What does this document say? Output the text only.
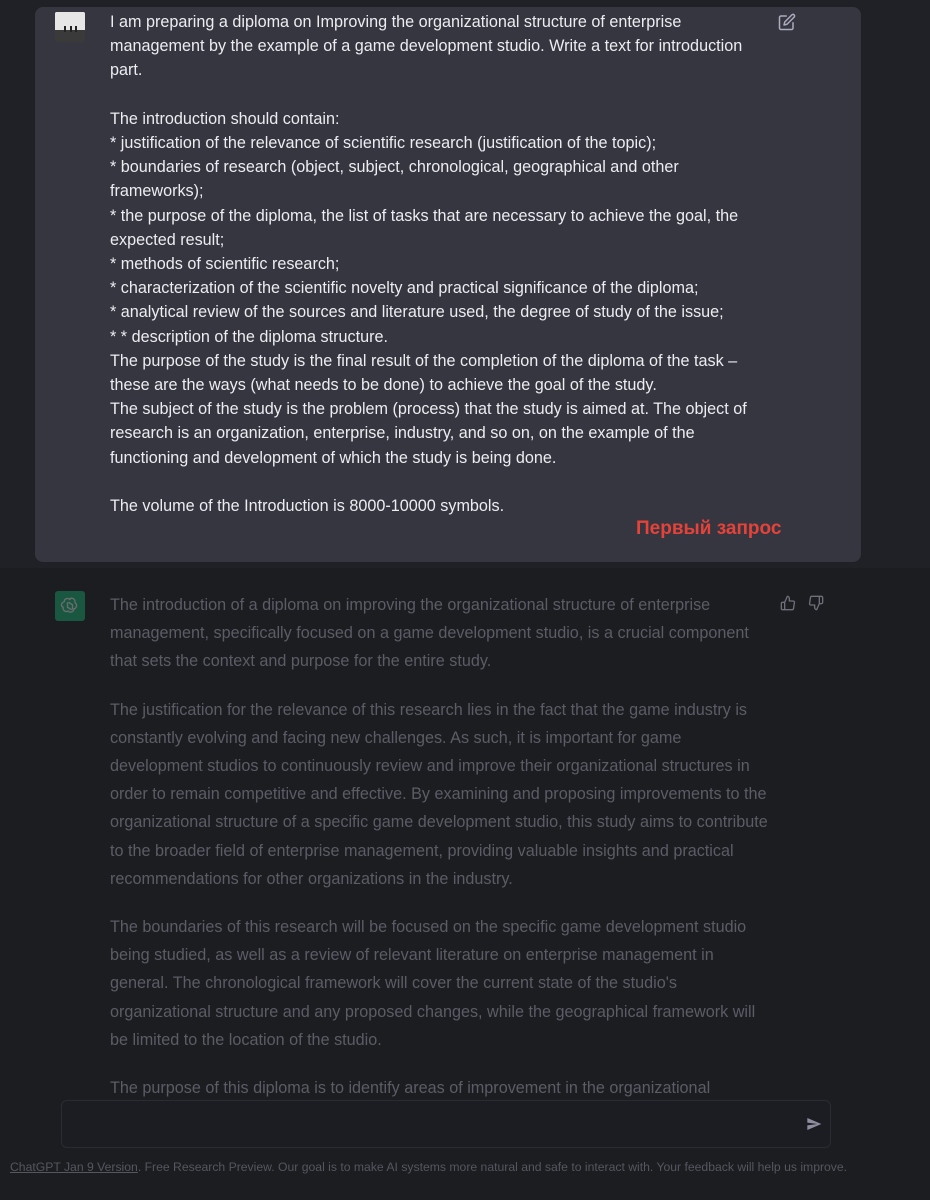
I am preparing a diploma on Improving the organizational structure of enterprise management by the example of a game development studio. Write a text for introduction part.

The introduction should contain:
* justification of the relevance of scientific research (justification of the topic);
* boundaries of research (object, subject, chronological, geographical and other frameworks);
* the purpose of the diploma, the list of tasks that are necessary to achieve the goal, the expected result;
* methods of scientific research;
* characterization of the scientific novelty and practical significance of the diploma;
* analytical review of the sources and literature used, the degree of study of the issue;
* * description of the diploma structure.
The purpose of the study is the final result of the completion of the diploma of the task – these are the ways (what needs to be done) to achieve the goal of the study.
The subject of the study is the problem (process) that the study is aimed at. The object of research is an organization, enterprise, industry, and so on, on the example of the functioning and development of which the study is being done.

The volume of the Introduction is 8000-10000 symbols.
Первый запрос

The introduction of a diploma on improving the organizational structure of enterprise management, specifically focused on a game development studio, is a crucial component that sets the context and purpose for the entire study.

The justification for the relevance of this research lies in the fact that the game industry is constantly evolving and facing new challenges. As such, it is important for game development studios to continuously review and improve their organizational structures in order to remain competitive and effective. By examining and proposing improvements to the organizational structure of a specific game development studio, this study aims to contribute to the broader field of enterprise management, providing valuable insights and practical recommendations for other organizations in the industry.

The boundaries of this research will be focused on the specific game development studio being studied, as well as a review of relevant literature on enterprise management in general. The chronological framework will cover the current state of the studio's organizational structure and any proposed changes, while the geographical framework will be limited to the location of the studio.

The purpose of this diploma is to identify areas of improvement in the organizational

ChatGPT Jan 9 Version. Free Research Preview. Our goal is to make AI systems more natural and safe to interact with. Your feedback will help us improve.
